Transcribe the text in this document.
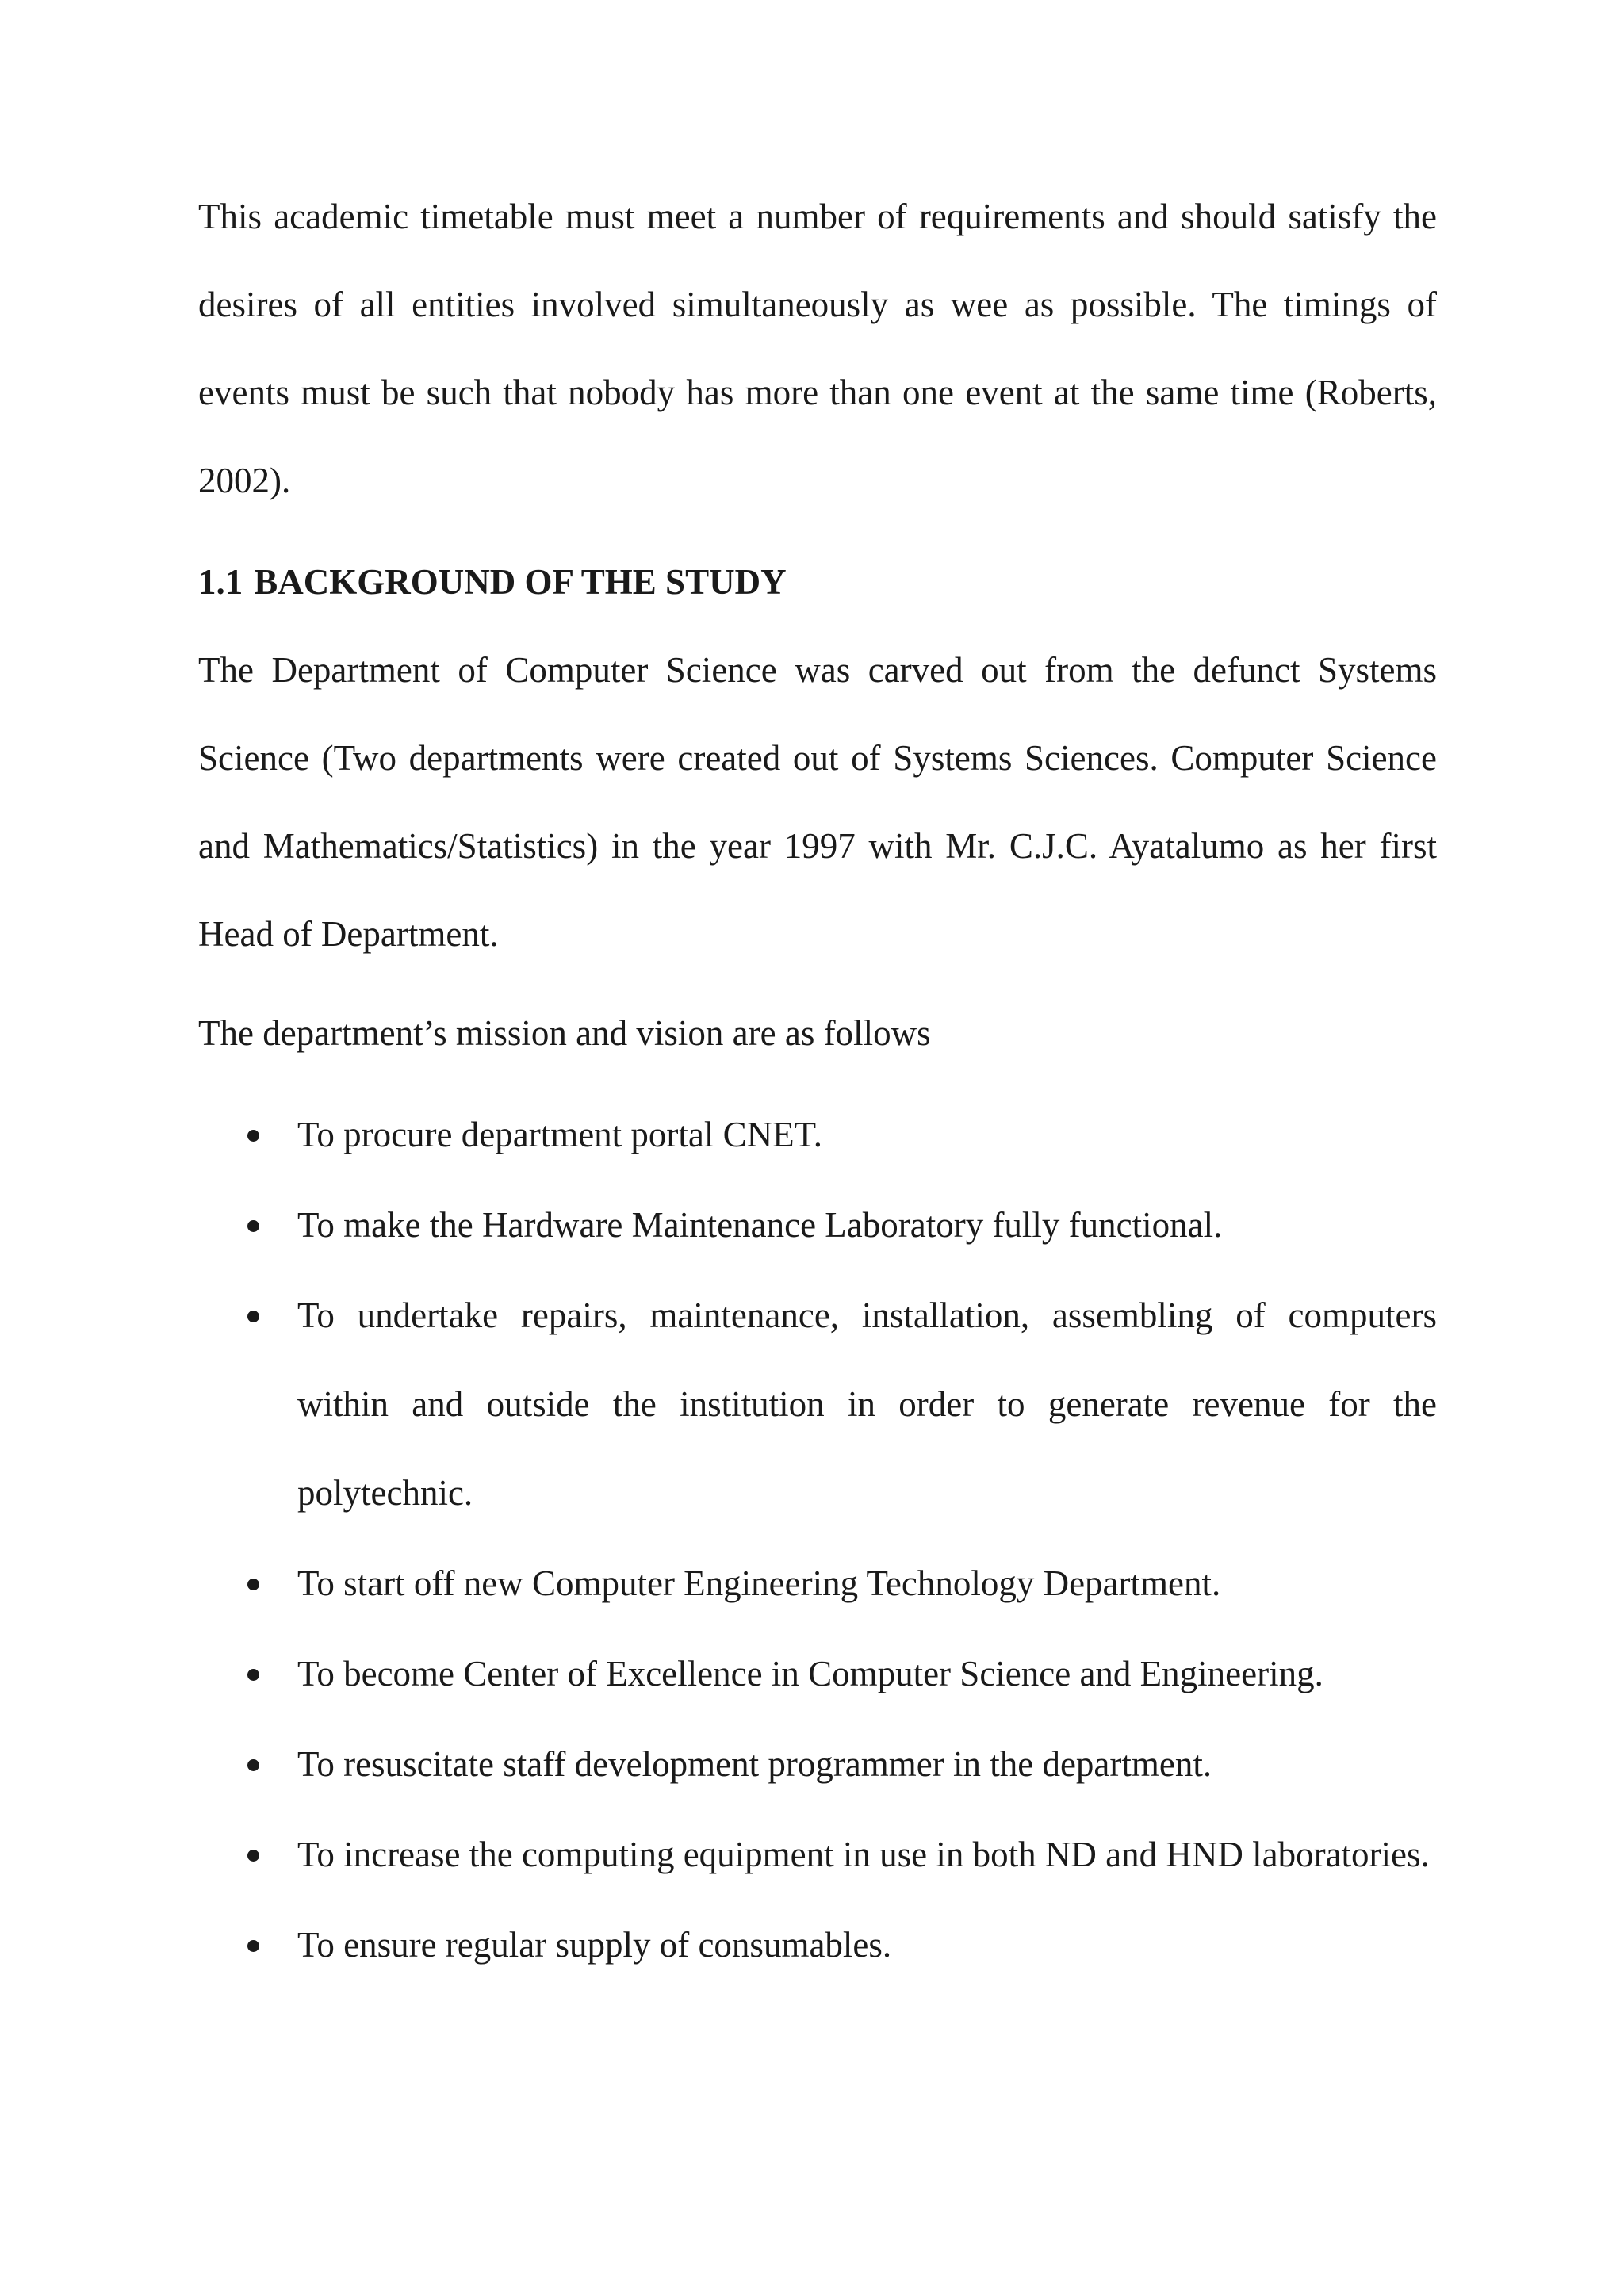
This academic timetable must meet a number of requirements and should satisfy the desires of all entities involved simultaneously as wee as possible. The timings of events must be such that nobody has more than one event at the same time (Roberts, 2002).

1.1 BACKGROUND OF THE STUDY

The Department of Computer Science was carved out from the defunct Systems Science (Two departments were created out of Systems Sciences. Computer Science and Mathematics/Statistics) in the year 1997 with Mr. C.J.C. Ayatalumo as her first Head of Department.

The department’s mission and vision are as follows

To procure department portal CNET.
To make the Hardware Maintenance Laboratory fully functional.
To undertake repairs, maintenance, installation, assembling of computers within and outside the institution in order to generate revenue for the polytechnic.
To start off new Computer Engineering Technology Department.
To become Center of Excellence in Computer Science and Engineering.
To resuscitate staff development programmer in the department.
To increase the computing equipment in use in both ND and HND laboratories.
To ensure regular supply of consumables.
